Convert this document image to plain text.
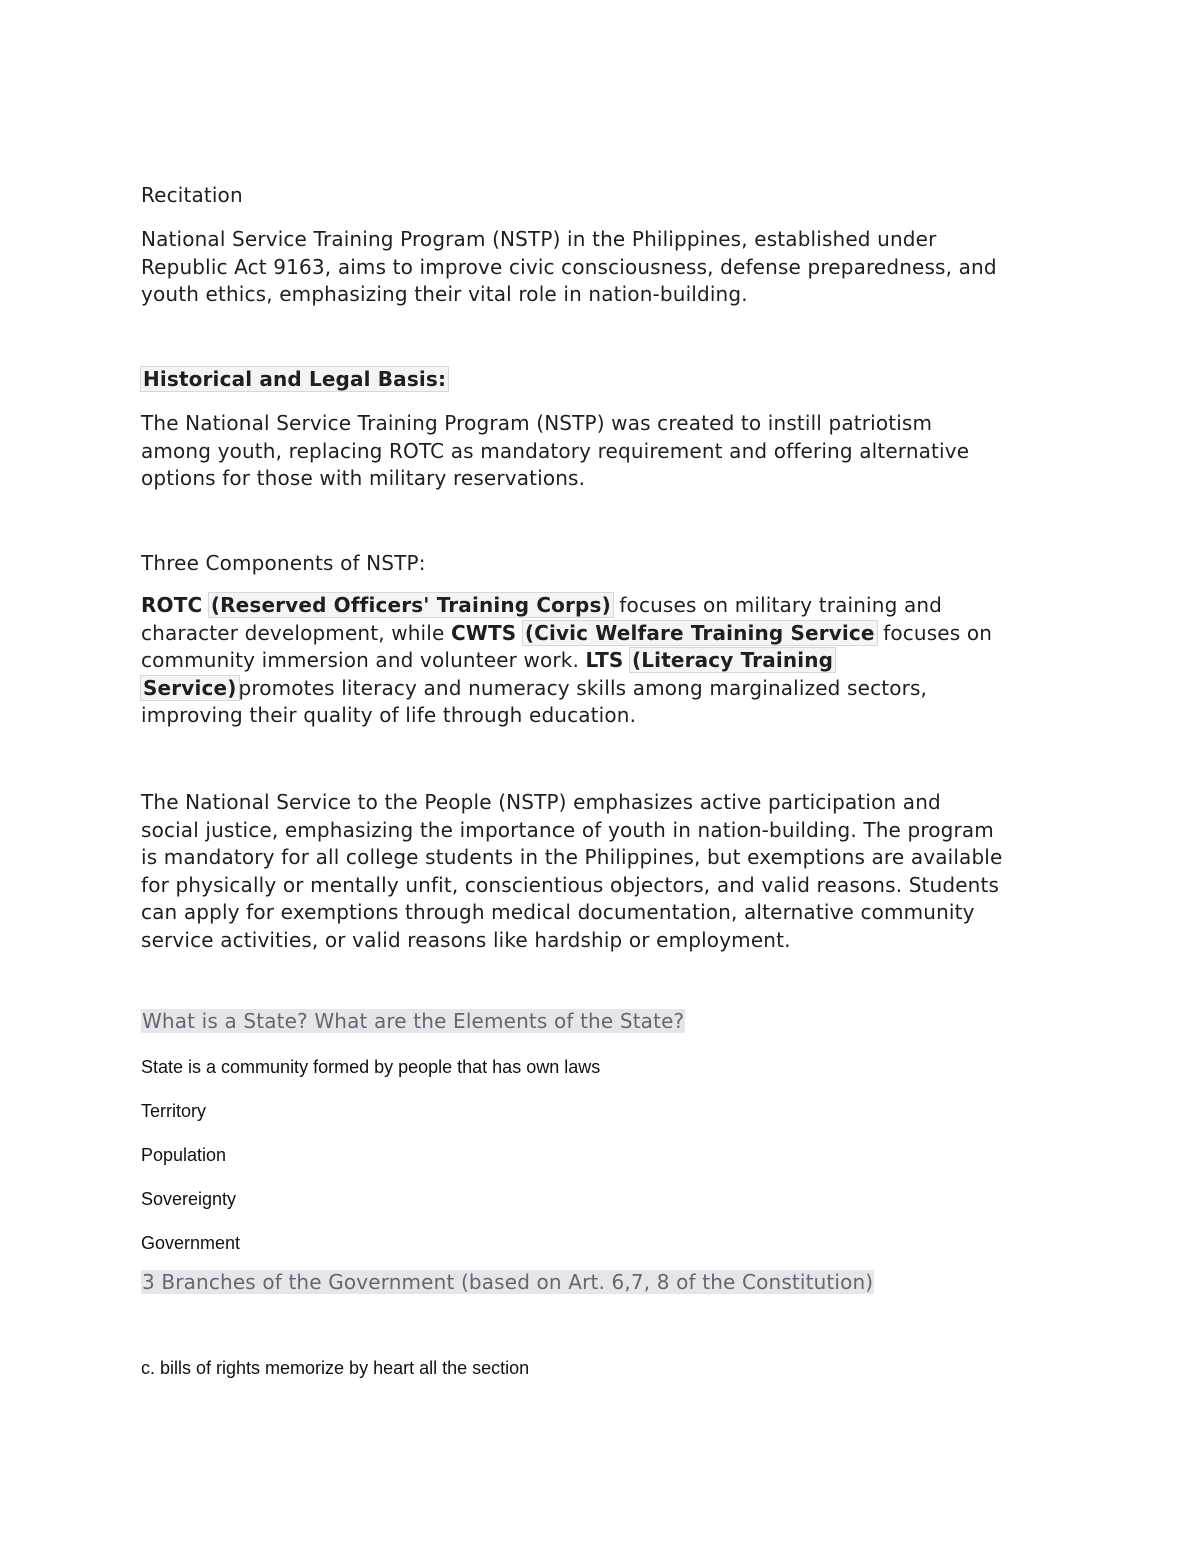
Recitation

National Service Training Program (NSTP) in the Philippines, established under
Republic Act 9163, aims to improve civic consciousness, defense preparedness, and
youth ethics, emphasizing their vital role in nation-building.

Historical and Legal Basis:

The National Service Training Program (NSTP) was created to instill patriotism
among youth, replacing ROTC as mandatory requirement and offering alternative
options for those with military reservations.

Three Components of NSTP:

ROTC (Reserved Officers' Training Corps) focuses on military training and
character development, while CWTS (Civic Welfare Training Service focuses on
community immersion and volunteer work. LTS (Literacy Training
Service) promotes literacy and numeracy skills among marginalized sectors,
improving their quality of life through education.

The National Service to the People (NSTP) emphasizes active participation and
social justice, emphasizing the importance of youth in nation-building. The program
is mandatory for all college students in the Philippines, but exemptions are available
for physically or mentally unfit, conscientious objectors, and valid reasons. Students
can apply for exemptions through medical documentation, alternative community
service activities, or valid reasons like hardship or employment.

What is a State? What are the Elements of the State?

State is a community formed by people that has own laws

Territory

Population

Sovereignty

Government

3 Branches of the Government (based on Art. 6,7, 8 of the Constitution)

c. bills of rights memorize by heart all the section
